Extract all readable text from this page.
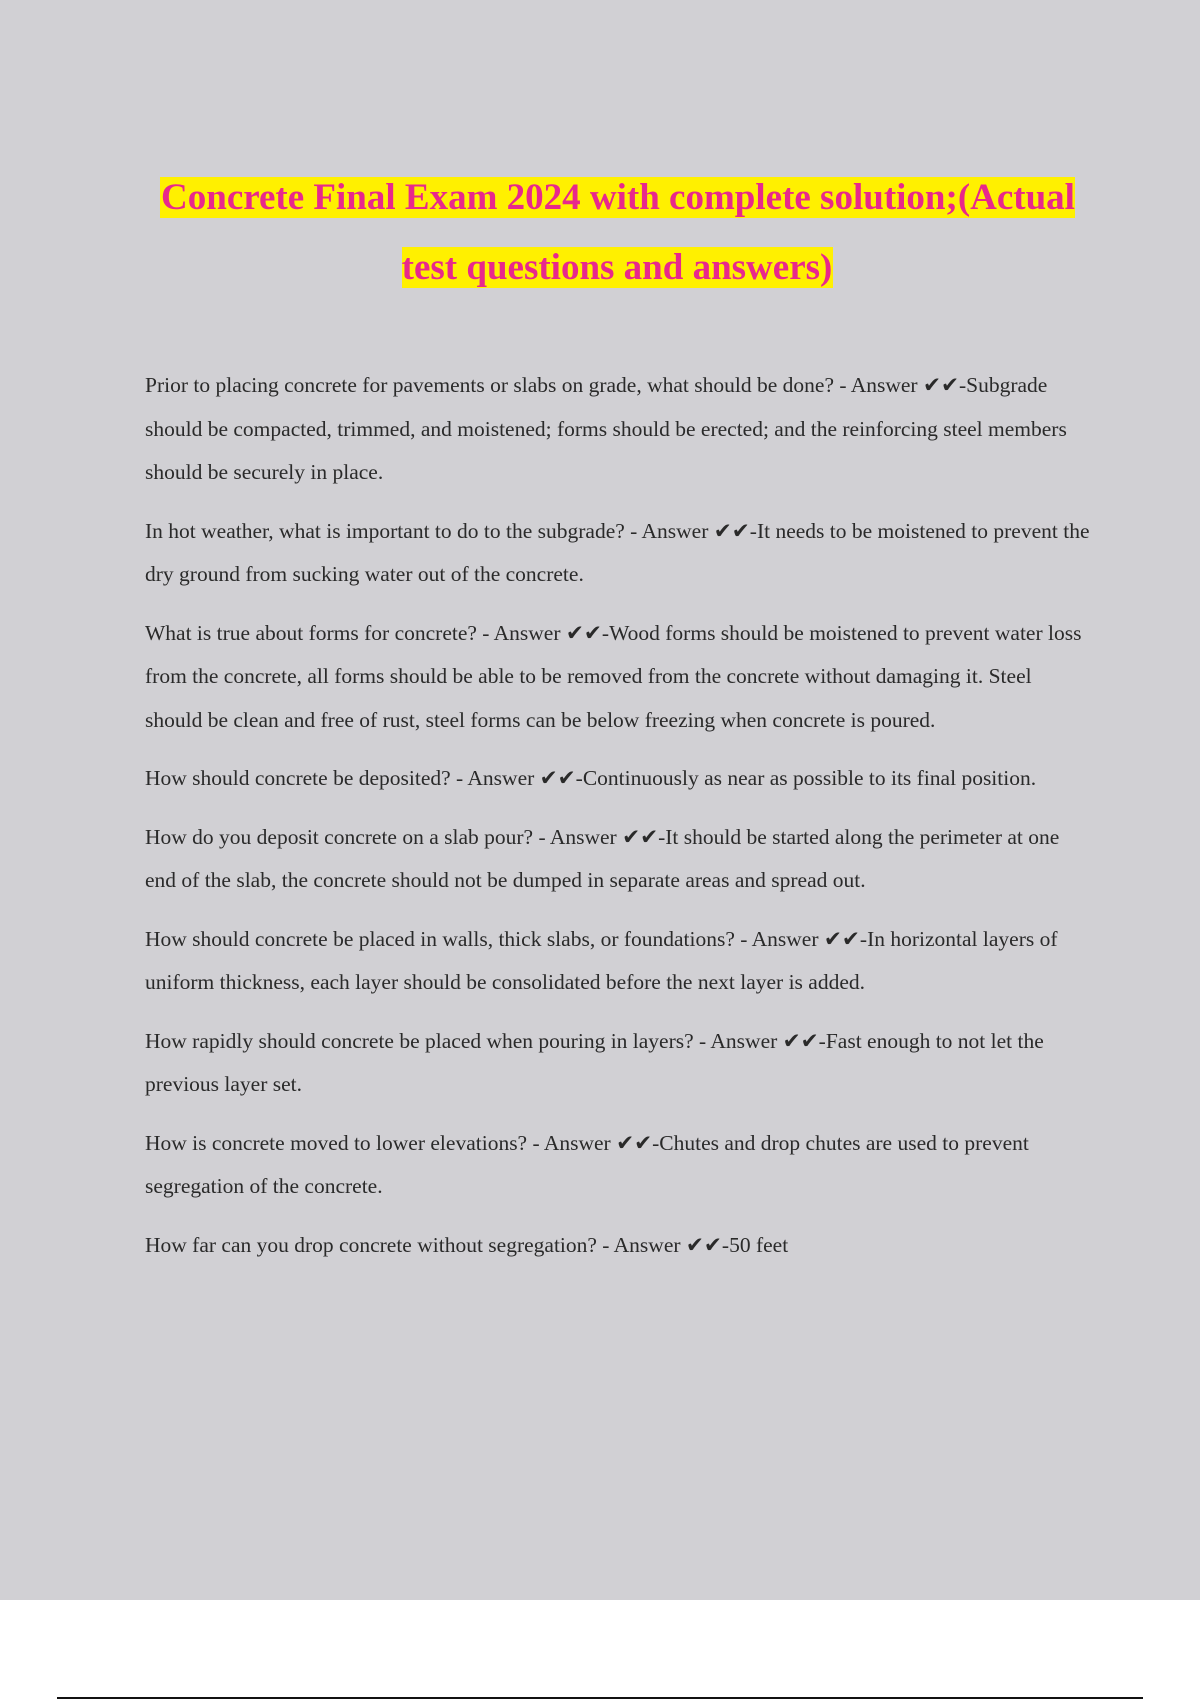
Concrete Final Exam 2024 with complete solution;(Actual test questions and answers)

Prior to placing concrete for pavements or slabs on grade, what should be done? - Answer ✔✔-Subgrade should be compacted, trimmed, and moistened; forms should be erected; and the reinforcing steel members should be securely in place.

In hot weather, what is important to do to the subgrade? - Answer ✔✔-It needs to be moistened to prevent the dry ground from sucking water out of the concrete.

What is true about forms for concrete? - Answer ✔✔-Wood forms should be moistened to prevent water loss from the concrete, all forms should be able to be removed from the concrete without damaging it. Steel should be clean and free of rust, steel forms can be below freezing when concrete is poured.

How should concrete be deposited? - Answer ✔✔-Continuously as near as possible to its final position.

How do you deposit concrete on a slab pour? - Answer ✔✔-It should be started along the perimeter at one end of the slab, the concrete should not be dumped in separate areas and spread out.

How should concrete be placed in walls, thick slabs, or foundations? - Answer ✔✔-In horizontal layers of uniform thickness, each layer should be consolidated before the next layer is added.

How rapidly should concrete be placed when pouring in layers? - Answer ✔✔-Fast enough to not let the previous layer set.

How is concrete moved to lower elevations? - Answer ✔✔-Chutes and drop chutes are used to prevent segregation of the concrete.

How far can you drop concrete without segregation? - Answer ✔✔-50 feet
